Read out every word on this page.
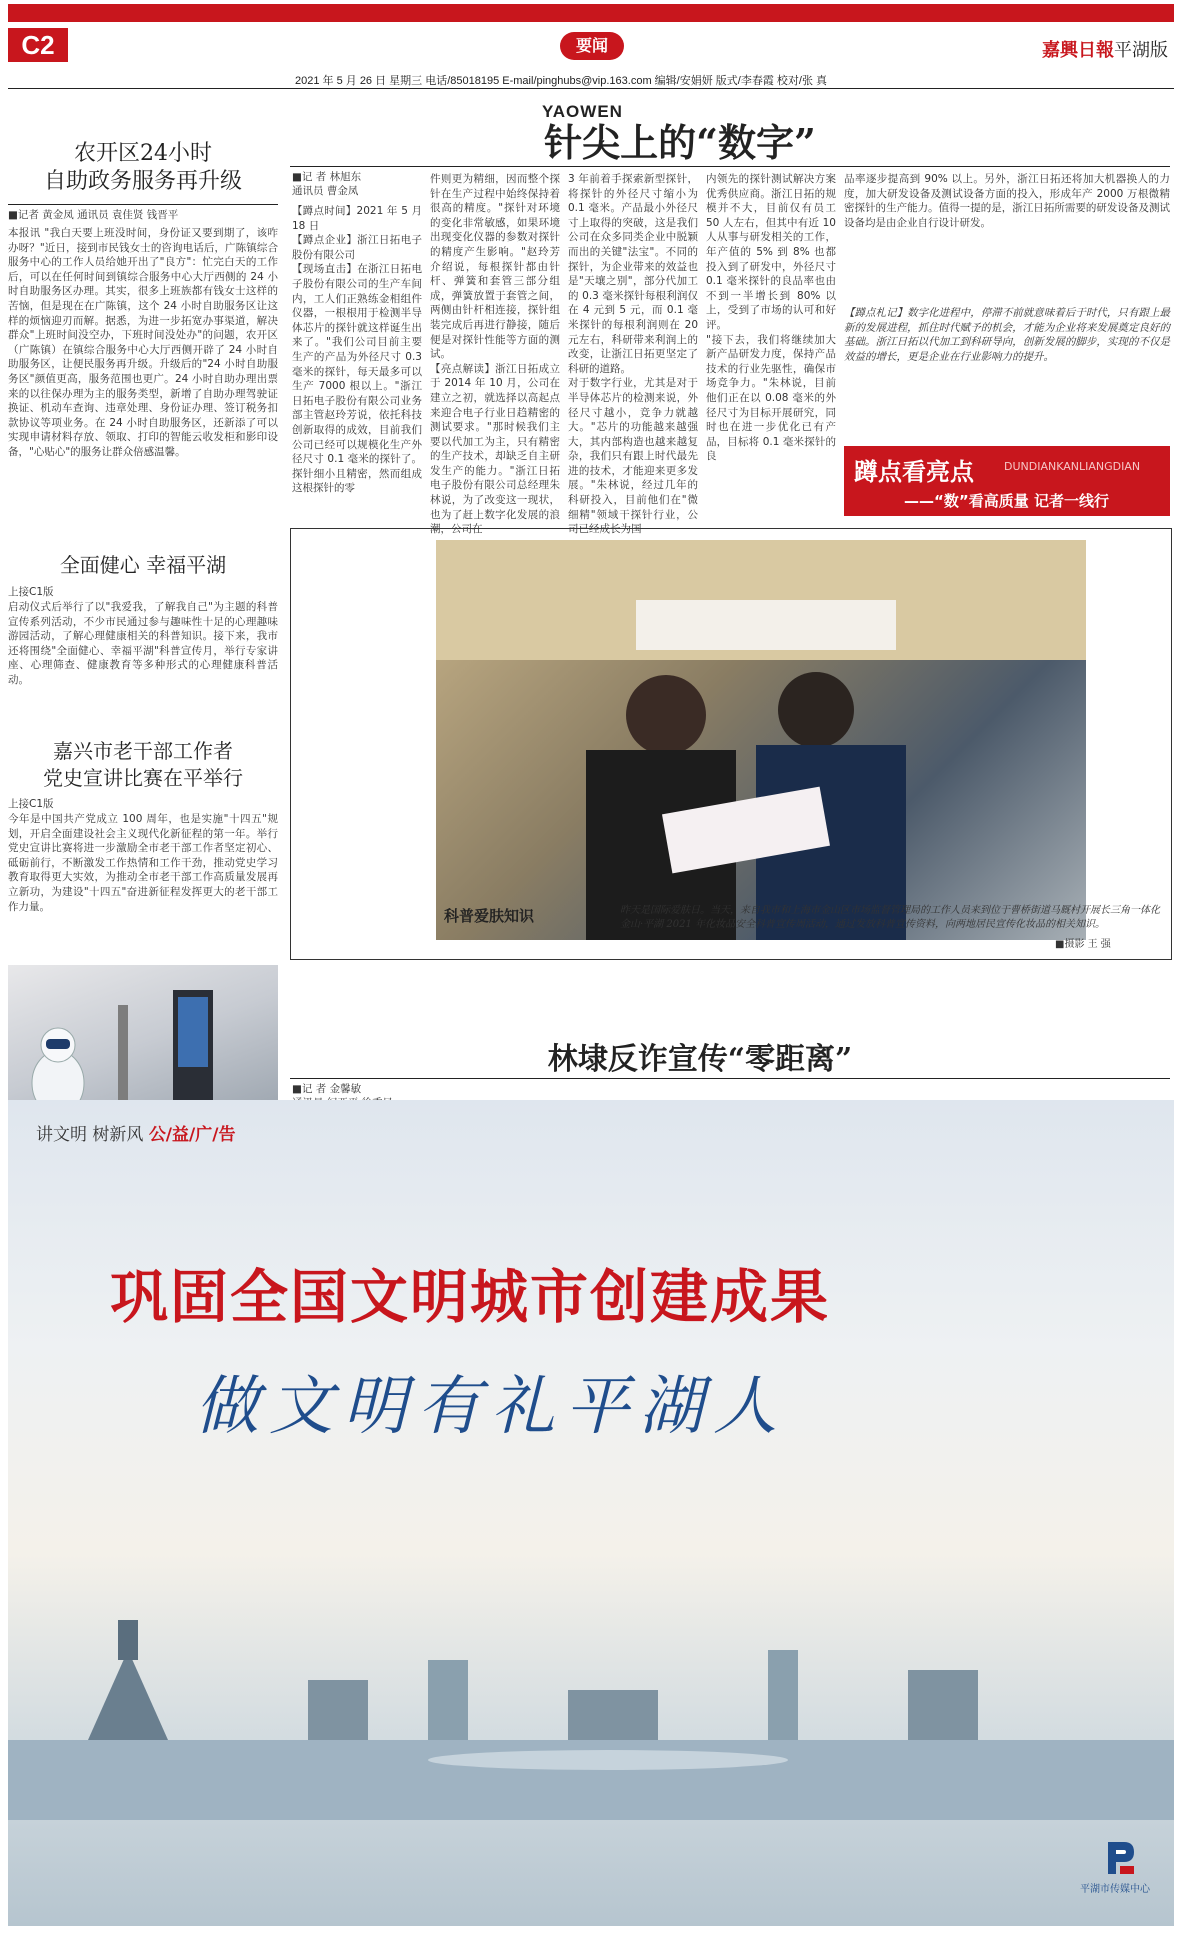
C2	要闻	嘉興日報平湖版
2021 年 5 月 26 日 星期三 电话/85018195 E-mail/pinghubs@vip.163.com 编辑/安娟妍 版式/李春霞 校对/张 真
YAOWEN
农开区24小时
自助政务服务再升级
■记者 黄金凤 通讯员 袁佳贤 钱晋平
本报讯 "我白天要上班没时间，身份证又要到期了，该咋办呀？"近日，接到市民钱女士的咨询电话后，广陈镇综合服务中心的工作人员给她开出了"良方"：忙完白天的工作后，可以在任何时间到镇综合服务中心大厅西侧的 24 小时自助服务区办理。其实，很多上班族都有钱女士这样的苦恼，但是现在在广陈镇，这个 24 小时自助服务区让这样的烦恼迎刃而解。据悉，为进一步拓宽办事渠道，解决群众"上班时间没空办，下班时间没处办"的问题，农开区（广陈镇）在镇综合服务中心大厅西侧开辟了 24 小时自助服务区，让便民服务再升级。升级后的"24 小时自助服务区"颜值更高，服务范围也更广。24 小时自助办理出票来的以往保办理为主的服务类型，新增了自助办理驾驶证换证、机动车查询、违章处理、身份证办理、签订税务扣款协议等项业务。在 24 小时自助服务区，还新添了可以实现申请材料存放、领取、打印的智能云收发柜和影印设备，"心贴心"的服务让群众倍感温馨。
全面健心 幸福平湖
上接C1版
启动仪式后举行了以"我爱我，了解我自己"为主题的科普宣传系列活动，不少市民通过参与趣味性十足的心理趣味游园活动，了解心理健康相关的科普知识。接下来，我市还将围绕"全面健心、幸福平湖"科普宣传月，举行专家讲座、心理筛查、健康教育等多种形式的心理健康科普活动。
嘉兴市老干部工作者
党史宣讲比赛在平举行
上接C1版
今年是中国共产党成立 100 周年，也是实施"十四五"规划，开启全面建设社会主义现代化新征程的第一年。举行党史宣讲比赛将进一步激励全市老干部工作者坚定初心、砥砺前行，不断激发工作热情和工作干劲，推动党史学习教育取得更大实效，为推动全市老干部工作高质量发展再立新功，为建设"十四五"奋进新征程发挥更大的老干部工作力量。
针尖上的“数字”
■记 者 林旭东
通讯员 曹金凤
【蹲点时间】2021 年 5 月 18 日
【蹲点企业】浙江日拓电子股份有限公司
【现场直击】在浙江日拓电子股份有限公司的生产车间内，工人们正熟练金相组件仪器，一根根用于检测半导体芯片的探针就这样诞生出来了。"我们公司目前主要生产的产品为外径尺寸 0.3 毫米的探针，每天最多可以生产 7000 根以上。"浙江日拓电子股份有限公司业务部主管赵玲芳说，依托科技创新取得的成效，目前我们公司已经可以规模化生产外径尺寸 0.1 毫米的探针了。探针细小且精密，然而组成这根探针的零
件则更为精细，因而整个探针在生产过程中始终保持着很高的精度。"探针对环境的变化非常敏感，如果环境出现变化仪器的参数对探针的精度产生影响。"赵玲芳介绍说，每根探针都由针杆、弹簧和套管三部分组成，弹簧放置于套管之间，两侧由针杆相连接，探针组装完成后再进行静接，随后便是对探针性能等方面的测试。
【亮点解读】浙江日拓成立于 2014 年 10 月，公司在建立之初，就选择以高起点来迎合电子行业日趋精密的测试要求。"那时候我们主要以代加工为主，只有精密的生产技术，却缺乏自主研发生产的能力。"浙江日拓电子股份有限公司总经理朱林说，为了改变这一现状，也为了赶上数字化发展的浪潮，公司在
3 年前着手探索新型探针，将探针的外径尺寸缩小为 0.1 毫米。产品最小外径尺寸上取得的突破，这是我们公司在众多同类企业中脱颖而出的关键"法宝"。不同的探针，为企业带来的效益也是"天壤之别"，部分代加工的 0.3 毫米探针每根利润仅在 4 元到 5 元，而 0.1 毫米探针的每根利润则在 20 元左右，科研带来利润上的改变，让浙江日拓更坚定了科研的道路。
对于数字行业，尤其是对于半导体芯片的检测来说，外径尺寸越小，竞争力就越大。"芯片的功能越来越强大，其内部构造也越来越复杂，我们只有跟上时代最先进的技术，才能迎来更多发展。"朱林说，经过几年的科研投入，目前他们在"微细精"领域干探针行业，公司已经成长为国
内领先的探针测试解决方案优秀供应商。浙江日拓的规模并不大，目前仅有员工 50 人左右，但其中有近 10 人从事与研发相关的工作，年产值的 5% 到 8% 也都投入到了研发中，外径尺寸 0.1 毫米探针的良品率也由不到一半增长到 80% 以上，受到了市场的认可和好评。
"接下去，我们将继续加大新产品研发力度，保持产品技术的行业先驱性，确保市场竞争力。"朱林说，目前他们正在以 0.08 毫米的外径尺寸为目标开展研究，同时也在进一步优化已有产品，目标将 0.1 毫米探针的良
品率逐步提高到 90% 以上。另外，浙江日拓还将加大机器换人的力度，加大研发设备及测试设备方面的投入，形成年产 2000 万根微精密探针的生产能力。值得一提的是，浙江日拓所需要的研发设备及测试设备均是由企业自行设计研发。
【蹲点札记】数字化进程中，停滞不前就意味着后于时代，只有跟上最新的发展进程，抓住时代赋予的机会，才能为企业将来发展奠定良好的基础。浙江日拓以代加工到科研导向，创新发展的脚步，实现的不仅是效益的增长，更是企业在行业影响力的提升。
蹲点看亮点	DUNDIANKANLIANGDIAN
——“数”看高质量 记者一线行
科普爱肤知识	昨天是国际爱肤日。当天，来自我市和上海市金山区市场监督管理局的工作人员来到位于曹桥街道马厩村开展长三角一体化金山·平湖 2021 年化妆品安全科普宣传周活动，通过发放科普宣传资料，向两地居民宣传化妆品的相关知识。
■摄影 王 强
林埭反诈宣传“零距离”
■记 者 金馨敏

讲文明 树新风 公/益/广/告
巩固全国文明城市创建成果
做文明有礼平湖人
平湖市传媒中心
